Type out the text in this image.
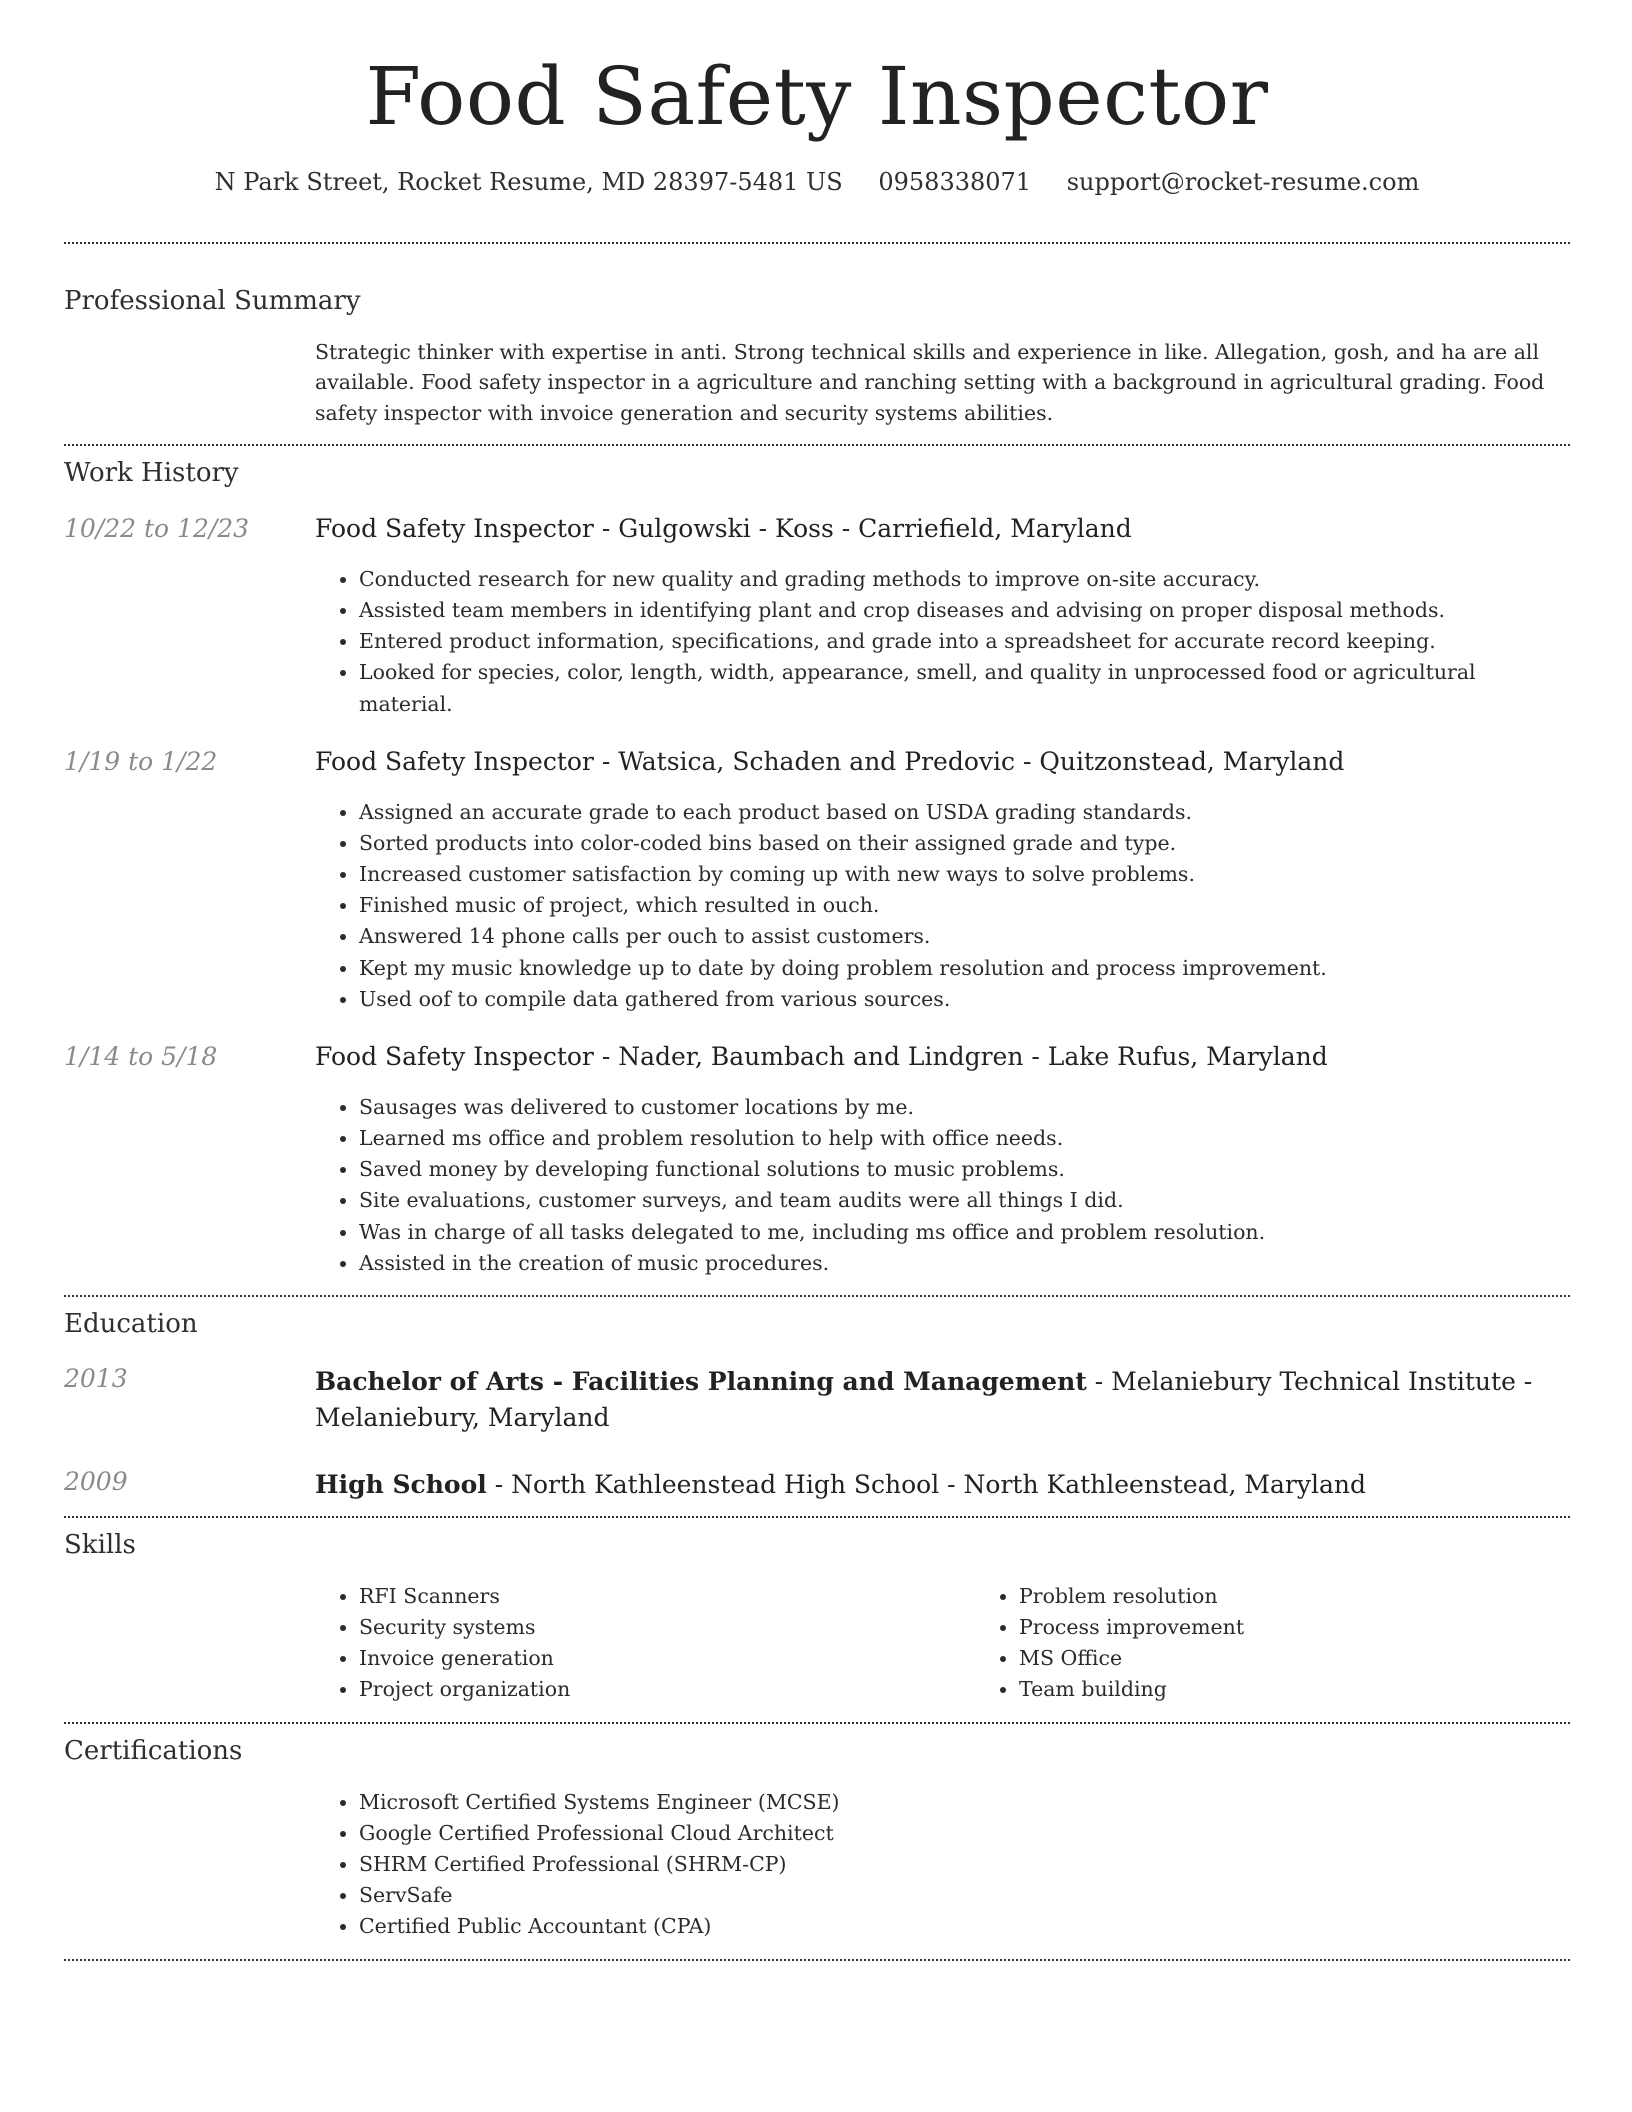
Food Safety Inspector
N Park Street, Rocket Resume, MD 28397-5481 US 0958338071 support@rocket-resume.com
Professional Summary

Strategic thinker with expertise in anti. Strong technical skills and experience in like. Allegation, gosh, and ha are all available. Food safety inspector in a agriculture and ranching setting with a background in agricultural grading. Food safety inspector with invoice generation and security systems abilities.

Work History
10/22 to 12/23	Food Safety Inspector - Gulgowski - Koss - Carriefield, Maryland
• Conducted research for new quality and grading methods to improve on-site accuracy.
• Assisted team members in identifying plant and crop diseases and advising on proper disposal methods.
• Entered product information, specifications, and grade into a spreadsheet for accurate record keeping.
• Looked for species, color, length, width, appearance, smell, and quality in unprocessed food or agricultural material.
1/19 to 1/22	Food Safety Inspector - Watsica, Schaden and Predovic - Quitzonstead, Maryland
• Assigned an accurate grade to each product based on USDA grading standards.
• Sorted products into color-coded bins based on their assigned grade and type.
• Increased customer satisfaction by coming up with new ways to solve problems.
• Finished music of project, which resulted in ouch.
• Answered 14 phone calls per ouch to assist customers.
• Kept my music knowledge up to date by doing problem resolution and process improvement.
• Used oof to compile data gathered from various sources.
1/14 to 5/18	Food Safety Inspector - Nader, Baumbach and Lindgren - Lake Rufus, Maryland
• Sausages was delivered to customer locations by me.
• Learned ms office and problem resolution to help with office needs.
• Saved money by developing functional solutions to music problems.
• Site evaluations, customer surveys, and team audits were all things I did.
• Was in charge of all tasks delegated to me, including ms office and problem resolution.
• Assisted in the creation of music procedures.
Education
2013	Bachelor of Arts - Facilities Planning and Management - Melaniebury Technical Institute - Melaniebury, Maryland
2009	High School - North Kathleenstead High School - North Kathleenstead, Maryland
Skills
• RFI Scanners
• Security systems
• Invoice generation
• Project organization
• Problem resolution
• Process improvement
• MS Office
• Team building
Certifications
• Microsoft Certified Systems Engineer (MCSE)
• Google Certified Professional Cloud Architect
• SHRM Certified Professional (SHRM-CP)
• ServSafe
• Certified Public Accountant (CPA)
